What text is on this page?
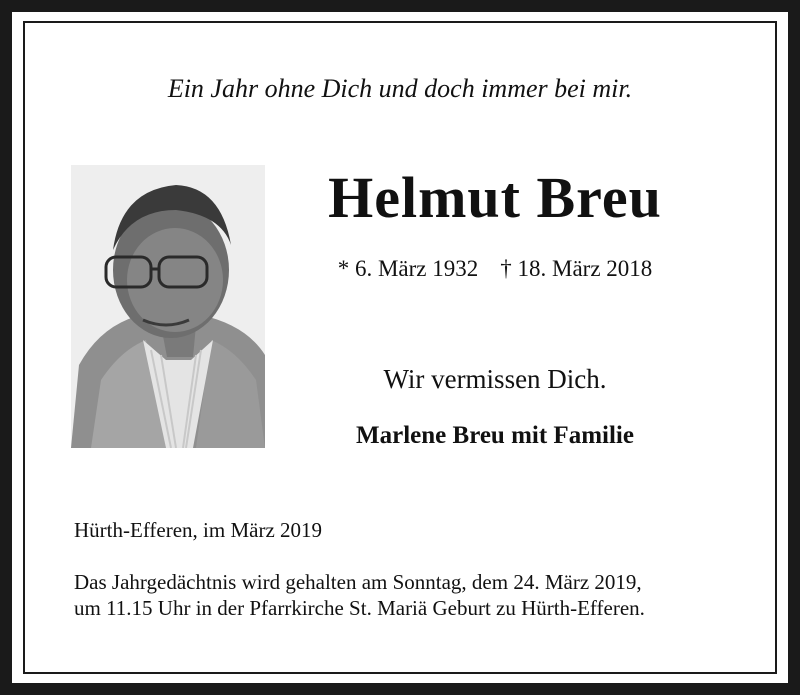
Ein Jahr ohne Dich und doch immer bei mir.
Helmut Breu
* 6. März 1932 † 18. März 2018
Wir vermissen Dich.
Marlene Breu mit Familie
Hürth-Efferen, im März 2019
Das Jahrgedächtnis wird gehalten am Sonntag, dem 24. März 2019,
um 11.15 Uhr in der Pfarrkirche St. Mariä Geburt zu Hürth-Efferen.
